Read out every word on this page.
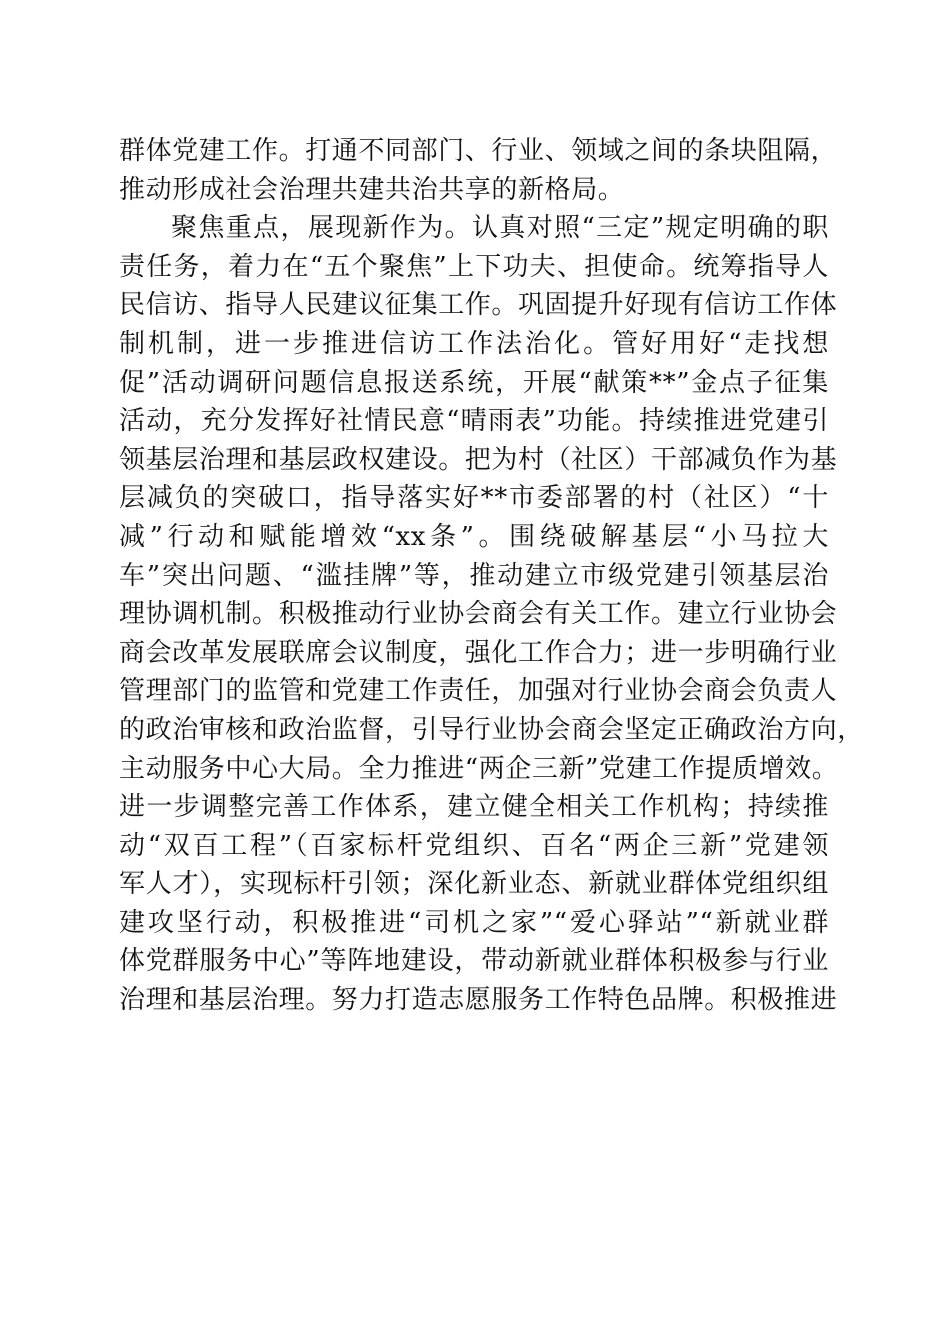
群体党建工作。打通不同部门、行业、领域之间的条块阻隔，
推动形成社会治理共建共治共享的新格局。
聚焦重点，展现新作为。认真对照“三定”规定明确的职
责任务，着力在“五个聚焦”上下功夫、担使命。统筹指导人
民信访、指导人民建议征集工作。巩固提升好现有信访工作体
制机制，进一步推进信访工作法治化。管好用好“走找想
促”活动调研问题信息报送系统，开展“献策**”金点子征集
活动，充分发挥好社情民意“晴雨表”功能。持续推进党建引
领基层治理和基层政权建设。把为村（社区）干部减负作为基
层减负的突破口，指导落实好**市委部署的村（社区）“十
减”行动和赋能增效“xx条”。围绕破解基层“小马拉大
车”突出问题、“滥挂牌”等，推动建立市级党建引领基层治
理协调机制。积极推动行业协会商会有关工作。建立行业协会
商会改革发展联席会议制度，强化工作合力；进一步明确行业
管理部门的监管和党建工作责任，加强对行业协会商会负责人
的政治审核和政治监督，引导行业协会商会坚定正确政治方向，
主动服务中心大局。全力推进“两企三新”党建工作提质增效。
进一步调整完善工作体系，建立健全相关工作机构；持续推
动“双百工程”（百家标杆党组织、百名“两企三新”党建领
军人才），实现标杆引领；深化新业态、新就业群体党组织组
建攻坚行动，积极推进“司机之家”“爱心驿站”“新就业群
体党群服务中心”等阵地建设，带动新就业群体积极参与行业
治理和基层治理。努力打造志愿服务工作特色品牌。积极推进
